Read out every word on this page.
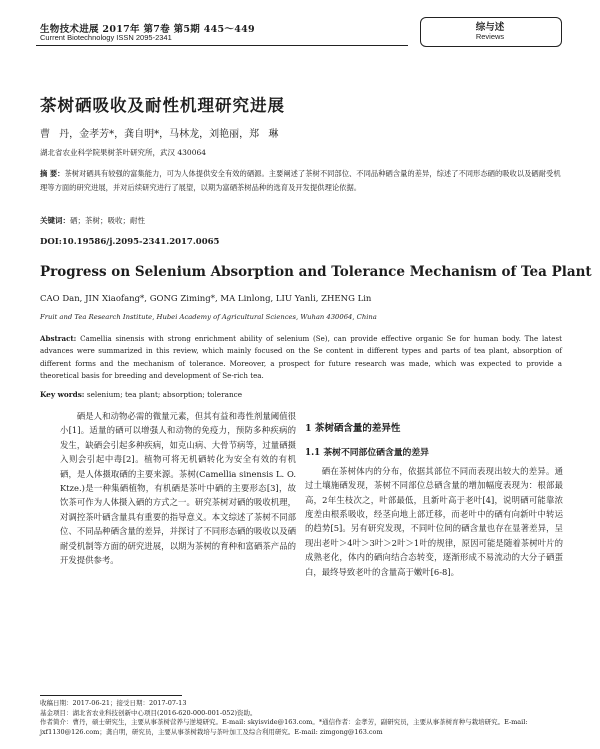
生物技术进展 2017年 第7卷 第5期 445～449
Current Biotechnology ISSN 2095-2341
综与述
Reviews
茶树硒吸收及耐性机理研究进展
曹 丹，金孝芳*，龚自明*，马林龙，刘艳丽，郑 琳
湖北省农业科学院果树茶叶研究所，武汉 430064
摘 要：茶树对硒具有较强的富集能力，可为人体提供安全有效的硒源。主要阐述了茶树不同部位、不同品种硒含量的差异，综述了不同形态硒的吸收以及硒耐受机理等方面的研究进展，并对后续研究进行了展望，以期为富硒茶树品种的选育及开发提供理论依据。
关键词：硒；茶树；吸收；耐性
DOI:10.19586/j.2095-2341.2017.0065
Progress on Selenium Absorption and Tolerance Mechanism of Tea Plant
CAO Dan, JIN Xiaofang*, GONG Ziming*, MA Linlong, LIU Yanli, ZHENG Lin
Fruit and Tea Research Institute, Hubei Academy of Agricultural Sciences, Wuhan 430064, China
Abstract: Camellia sinensis with strong enrichment ability of selenium (Se), can provide effective organic Se for human body. The latest advances were summarized in this review, which mainly focused on the Se content in different types and parts of tea plant, absorption of different forms and the mechanism of tolerance. Moreover, a prospect for future research was made, which was expected to provide a theoretical basis for breeding and development of Se-rich tea.
Key words: selenium; tea plant; absorption; tolerance

硒是人和动物必需的微量元素，但其有益和毒性剂量阈值很小[1]。适量的硒可以增强人和动物的免疫力，预防多种疾病的发生，缺硒会引起多种疾病，如克山病、大骨节病等，过量硒摄入则会引起中毒[2]。植物可将无机硒转化为安全有效的有机硒，是人体摄取硒的主要来源。茶树(Camellia sinensis L. O. Ktze.)是一种集硒植物，有机硒是茶叶中硒的主要形态[3]，故饮茶可作为人体摄入硒的方式之一。研究茶树对硒的吸收机理，对调控茶叶硒含量具有重要的指导意义。本文综述了茶树不同部位、不同品种硒含量的差异，并探讨了不同形态硒的吸收以及硒耐受机制等方面的研究进展，以期为茶树的育种和富硒茶产品的开发提供参考。

1 茶树硒含量的差异性
1.1 茶树不同部位硒含量的差异

硒在茶树体内的分布，依据其部位不同而表现出较大的差异。通过土壤施硒发现，茶树不同部位总硒含量的增加幅度表现为：根部最高，2年生枝次之，叶部最低，且新叶高于老叶[4]，说明硒可能靠浓度差由根系吸收，经茎向地上部迁移，而老叶中的硒有向新叶中转运的趋势[5]。另有研究发现，不同叶位间的硒含量也存在显著差异，呈现出老叶＞4叶＞3叶＞2叶＞1叶的规律，原因可能是随着茶树叶片的成熟老化，体内的硒向结合态转变，逐渐形成不易流动的大分子硒蛋白，最终导致老叶的含量高于嫩叶[6-8]。

收稿日期：2017-06-21；接受日期：2017-07-13
基金项目：湖北省农业科技创新中心项目(2016-620-000-001-052)资助。
作者简介：曹丹，硕士研究生，主要从事茶树营养与逆境研究。E-mail: skyisvide@163.com。*通信作者：金孝芳，副研究员，主要从事茶树育种与栽培研究。E-mail: jxf1130@126.com；龚自明，研究员，主要从事茶树栽培与茶叶加工及综合利用研究。E-mail: zimgong@163.com
